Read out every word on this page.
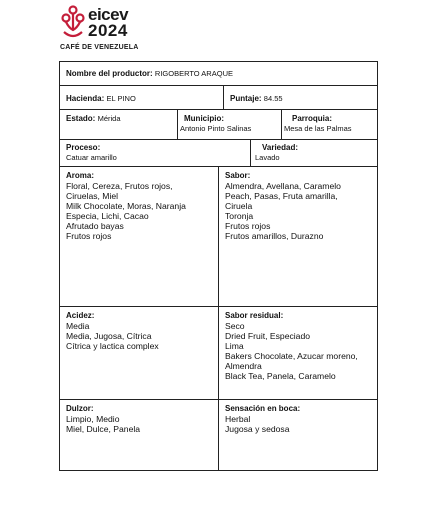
eicev
2024
CAFÉ DE VENEZUELA
Nombre del productor: RIGOBERTO ARAQUE
Hacienda: EL PINO	Puntaje: 84.55
Estado: Mérida	Municipio:
Antonio Pinto Salinas
Parroquia:
Mesa de las Palmas
Proceso:
Catuar amarillo
Variedad:
Lavado
Aroma:
Floral, Cereza, Frutos rojos,
Ciruelas, Miel
Milk Chocolate, Moras, Naranja
Especia, Lichi, Cacao
Afrutado bayas
Frutos rojos
Sabor:
Almendra, Avellana, Caramelo
Peach, Pasas, Fruta amarilla,
Ciruela
Toronja
Frutos rojos
Frutos amarillos, Durazno
Acidez:
Media
Media, Jugosa, Cítrica
Cítrica y lactica complex
Sabor residual:
Seco
Dried Fruit, Especiado
Lima
Bakers Chocolate, Azucar moreno,
Almendra
Black Tea, Panela, Caramelo
Dulzor:
Limpio, Medio
Miel, Dulce, Panela
Sensación en boca:
Herbal
Jugosa y sedosa
